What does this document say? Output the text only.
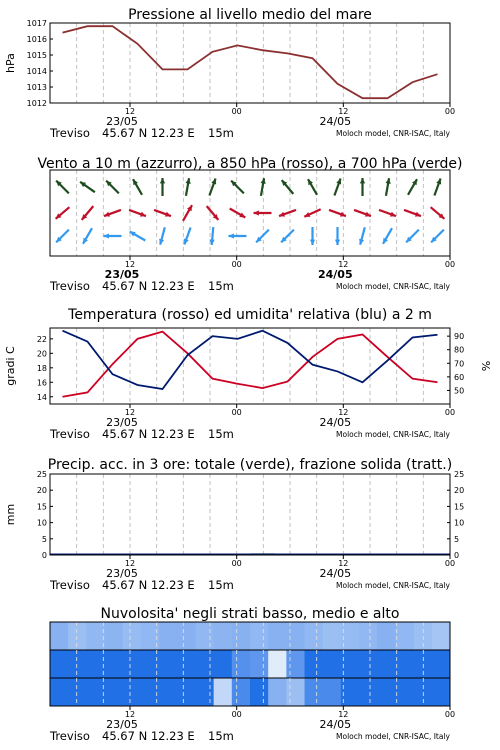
Pressione al livello medio del mare
1012
1013
1014
1015
1016
1017
hPa
12	00	12	00
23/05	24/05
Treviso 45.67 N 12.23 E 15m	Moloch model, CNR-ISAC, Italy
Vento a 10 m (azzurro), a 850 hPa (rosso), a 700 hPa (verde)
12	00	12	00
23/05	24/05
Treviso 45.67 N 12.23 E 15m	Moloch model, CNR-ISAC, Italy
Temperatura (rosso) ed umidita' relativa (blu) a 2 m
14
16
18
20
22
50
60
70
80
90
gradi C	%
12	00	12	00
23/05	24/05
Treviso 45.67 N 12.23 E 15m	Moloch model, CNR-ISAC, Italy
Precip. acc. in 3 ore: totale (verde), frazione solida (tratt.)
0
5
10
15
20
25
0
5
10
15
20
25
mm
12	00	12	00
23/05	24/05
Treviso 45.67 N 12.23 E 15m	Moloch model, CNR-ISAC, Italy
Nuvolosita' negli strati basso, medio e alto
12	00	12	00
23/05	24/05
Treviso 45.67 N 12.23 E 15m	Moloch model, CNR-ISAC, Italy
